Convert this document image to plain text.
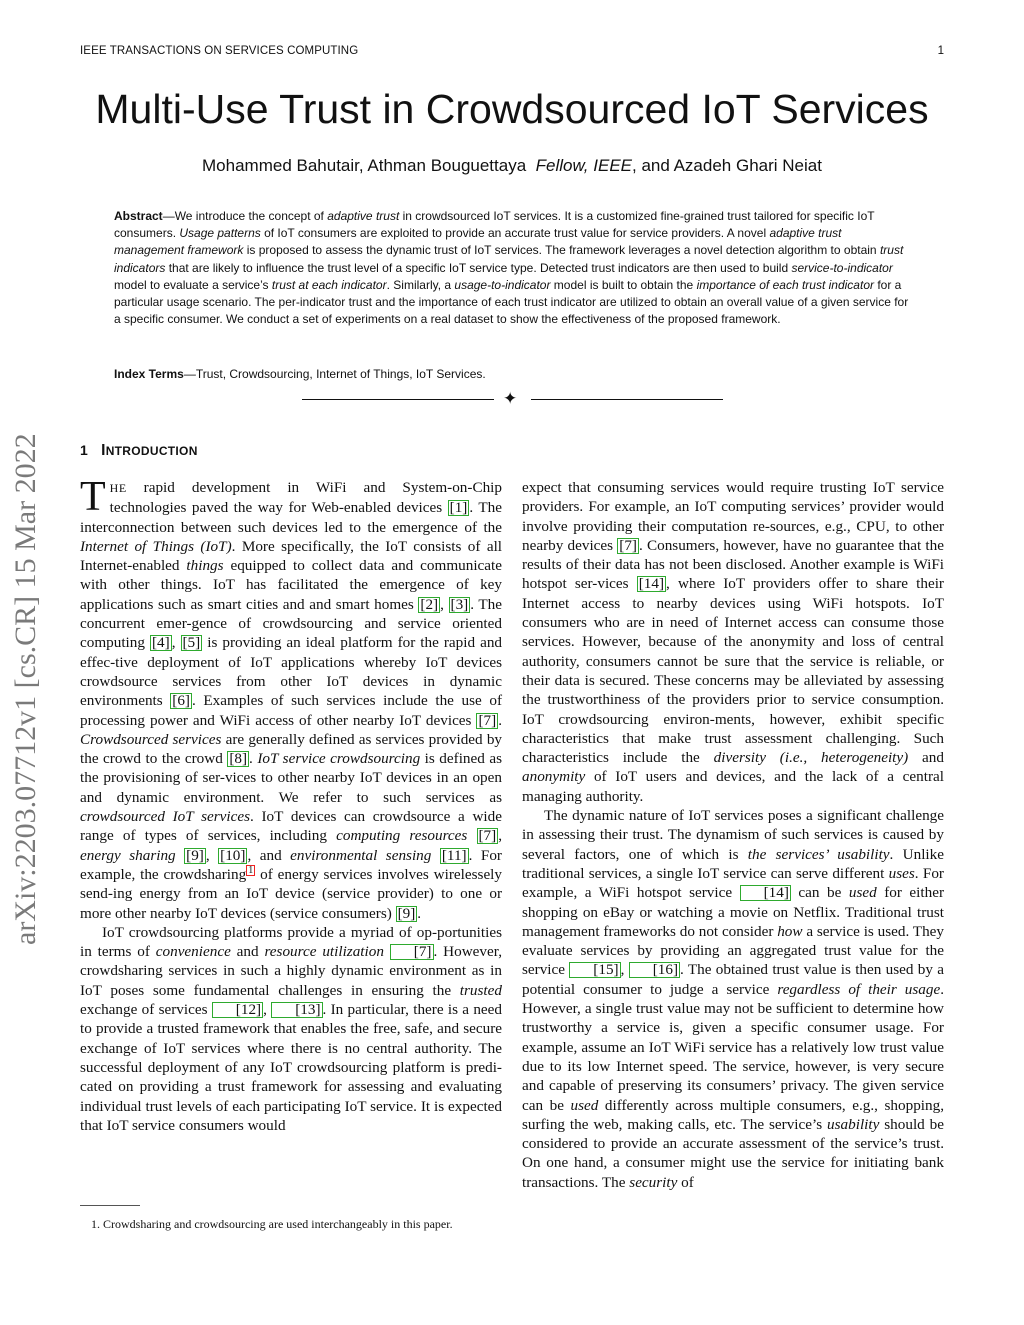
IEEE TRANSACTIONS ON SERVICES COMPUTING	1
Multi-Use Trust in Crowdsourced IoT Services
Mohammed Bahutair, Athman Bouguettaya Fellow, IEEE, and Azadeh Ghari Neiat
Abstract—We introduce the concept of adaptive trust in crowdsourced IoT services. It is a customized fine-grained trust tailored for specific IoT consumers. Usage patterns of IoT consumers are exploited to provide an accurate trust value for service providers. A novel adaptive trust management framework is proposed to assess the dynamic trust of IoT services. The framework leverages a novel detection algorithm to obtain trust indicators that are likely to influence the trust level of a specific IoT service type. Detected trust indicators are then used to build service-to-indicator model to evaluate a service’s trust at each indicator. Similarly, a usage-to-indicator model is built to obtain the importance of each trust indicator for a particular usage scenario. The per-indicator trust and the importance of each trust indicator are utilized to obtain an overall value of a given service for a specific consumer. We conduct a set of experiments on a real dataset to show the effectiveness of the proposed framework.
Index Terms—Trust, Crowdsourcing, Internet of Things, IoT Services.
✦
1 INTRODUCTION
arXiv:2203.07712v1 [cs.CR] 15 Mar 2022 THE rapid development in WiFi and System-on-Chip technologies paved the way for Web-enabled devices [1] . The interconnection between such devices led to the emergence of the Internet of Things (IoT). More specifically, the IoT consists of all Internet-enabled things equipped to collect data and communicate with other things. IoT has facilitated the emergence of key applications such as smart cities and and smart homes [2] , [3] . The concurrent emer-gence of crowdsourcing and service oriented computing [4] , [5] is providing an ideal platform for the rapid and effec-tive deployment of IoT applications whereby IoT devices crowdsource services from other IoT devices in dynamic environments [6] . Examples of such services include the use of processing power and WiFi access of other nearby IoT devices [7] . Crowdsourced services are generally defined as services provided by the crowd to the crowd [8] . IoT service crowdsourcing is defined as the provisioning of ser-vices to other nearby IoT devices in an open and dynamic environment. We refer to such services as crowdsourced IoT services. IoT devices can crowdsource a wide range of types of services, including computing resources [7] , energy sharing [9] , [10] , and environmental sensing [11] . For example, the crowdsharing 1 of energy services involves wirelessely send-ing energy from an IoT device (service provider) to one or more other nearby IoT devices (service consumers) [9] .

IoT crowdsourcing platforms provide a myriad of op-portunities in terms of convenience and resource utilization [7] . However, crowdsharing services in such a highly dynamic environment as in IoT poses some fundamental challenges in ensuring the trusted exchange of services [12] , [13] . In particular, there is a need to provide a trusted framework that enables the free, safe, and secure exchange of IoT services where there is no central authority. The successful deployment of any IoT crowdsourcing platform is predi-cated on providing a trust framework for assessing and evaluating individual trust levels of each participating IoT service. It is expected that IoT service consumers would

expect that consuming services would require trusting IoT service providers. For example, an IoT computing services’ provider would involve providing their computation re-sources, e.g., CPU, to other nearby devices [7] . Consumers, however, have no guarantee that the results of their data has not been disclosed. Another example is WiFi hotspot ser-vices [14] , where IoT providers offer to share their Internet access to nearby devices using WiFi hotspots. IoT consumers who are in need of Internet access can consume those services. However, because of the anonymity and loss of central authority, consumers cannot be sure that the service is reliable, or their data is secured. These concerns may be alleviated by assessing the trustworthiness of the providers prior to service consumption. IoT crowdsourcing environ-ments, however, exhibit specific characteristics that make trust assessment challenging. Such characteristics include the diversity (i.e., heterogeneity) and anonymity of IoT users and devices, and the lack of a central managing authority.

The dynamic nature of IoT services poses a significant challenge in assessing their trust. The dynamism of such services is caused by several factors, one of which is the services’ usability. Unlike traditional services, a single IoT service can serve different uses. For example, a WiFi hotspot service [14] can be used for either shopping on eBay or watching a movie on Netflix. Traditional trust management frameworks do not consider how a service is used. They evaluate services by providing an aggregated trust value for the service [15] , [16] . The obtained trust value is then used by a potential consumer to judge a service regardless of their usage. However, a single trust value may not be sufficient to determine how trustworthy a service is, given a specific consumer usage. For example, assume an IoT WiFi service has a relatively low trust value due to its low Internet speed. The service, however, is very secure and capable of preserving its consumers’ privacy. The given service can be used differently across multiple consumers, e.g., shopping, surfing the web, making calls, etc. The service’s usability should be considered to provide an accurate assessment of the service’s trust. On one hand, a consumer might use the service for initiating bank transactions. The security of

1. Crowdsharing and crowdsourcing are used interchangeably in this paper.
